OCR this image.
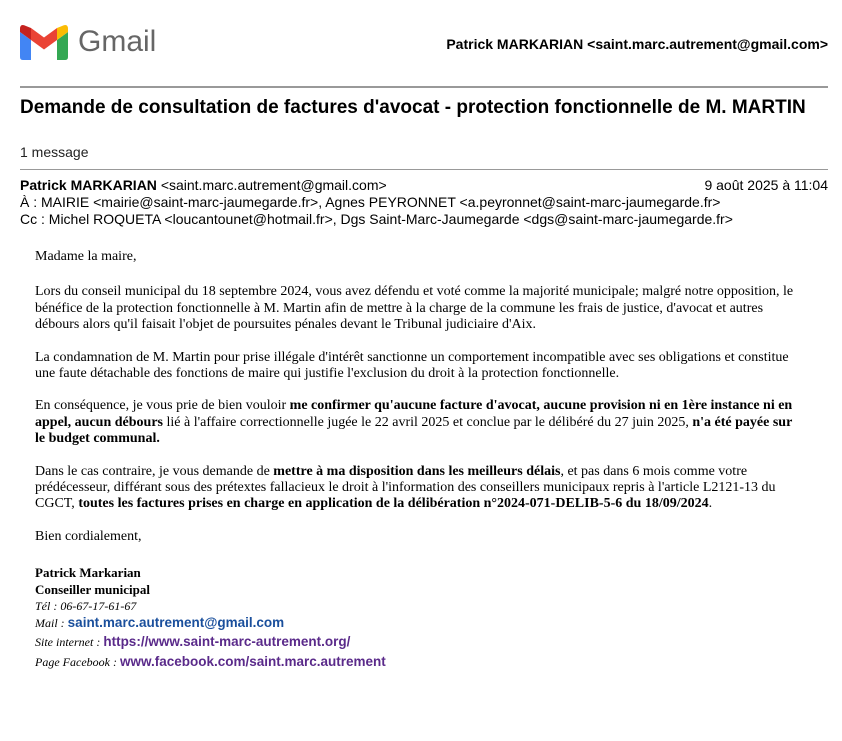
Gmail	Patrick MARKARIAN <saint.marc.autrement@gmail.com>
Demande de consultation de factures d'avocat - protection fonctionnelle de M. MARTIN
1 message
Patrick MARKARIAN <saint.marc.autrement@gmail.com>	9 août 2025 à 11:04
À : MAIRIE <mairie@saint-marc-jaumegarde.fr>, Agnes PEYRONNET <a.peyronnet@saint-marc-jaumegarde.fr>
Cc : Michel ROQUETA <loucantounet@hotmail.fr>, Dgs Saint-Marc-Jaumegarde <dgs@saint-marc-jaumegarde.fr>

Madame la maire,

Lors du conseil municipal du 18 septembre 2024, vous avez défendu et voté comme la majorité municipale; malgré notre opposition, le bénéfice de la protection fonctionnelle à M. Martin afin de mettre à la charge de la commune les frais de justice, d'avocat et autres débours alors qu'il faisait l'objet de poursuites pénales devant le Tribunal judiciaire d'Aix.

La condamnation de M. Martin pour prise illégale d'intérêt sanctionne un comportement incompatible avec ses obligations et constitue une faute détachable des fonctions de maire qui justifie l'exclusion du droit à la protection fonctionnelle.

En conséquence, je vous prie de bien vouloir me confirmer qu'aucune facture d'avocat, aucune provision ni en 1ère instance ni en appel, aucun débours lié à l'affaire correctionnelle jugée le 22 avril 2025 et conclue par le délibéré du 27 juin 2025, n'a été payée sur le budget communal.

Dans le cas contraire, je vous demande de mettre à ma disposition dans les meilleurs délais, et pas dans 6 mois comme votre prédécesseur, différant sous des prétextes fallacieux le droit à l'information des conseillers municipaux repris à l'article L2121-13 du CGCT, toutes les factures prises en charge en application de la délibération n°2024-071-DELIB-5-6 du 18/09/2024.

Bien cordialement,

Patrick Markarian
Conseiller municipal
Tél : 06-67-17-61-67
Mail : saint.marc.autrement@gmail.com
Site internet : https://www.saint-marc-autrement.org/
Page Facebook : www.facebook.com/saint.marc.autrement
